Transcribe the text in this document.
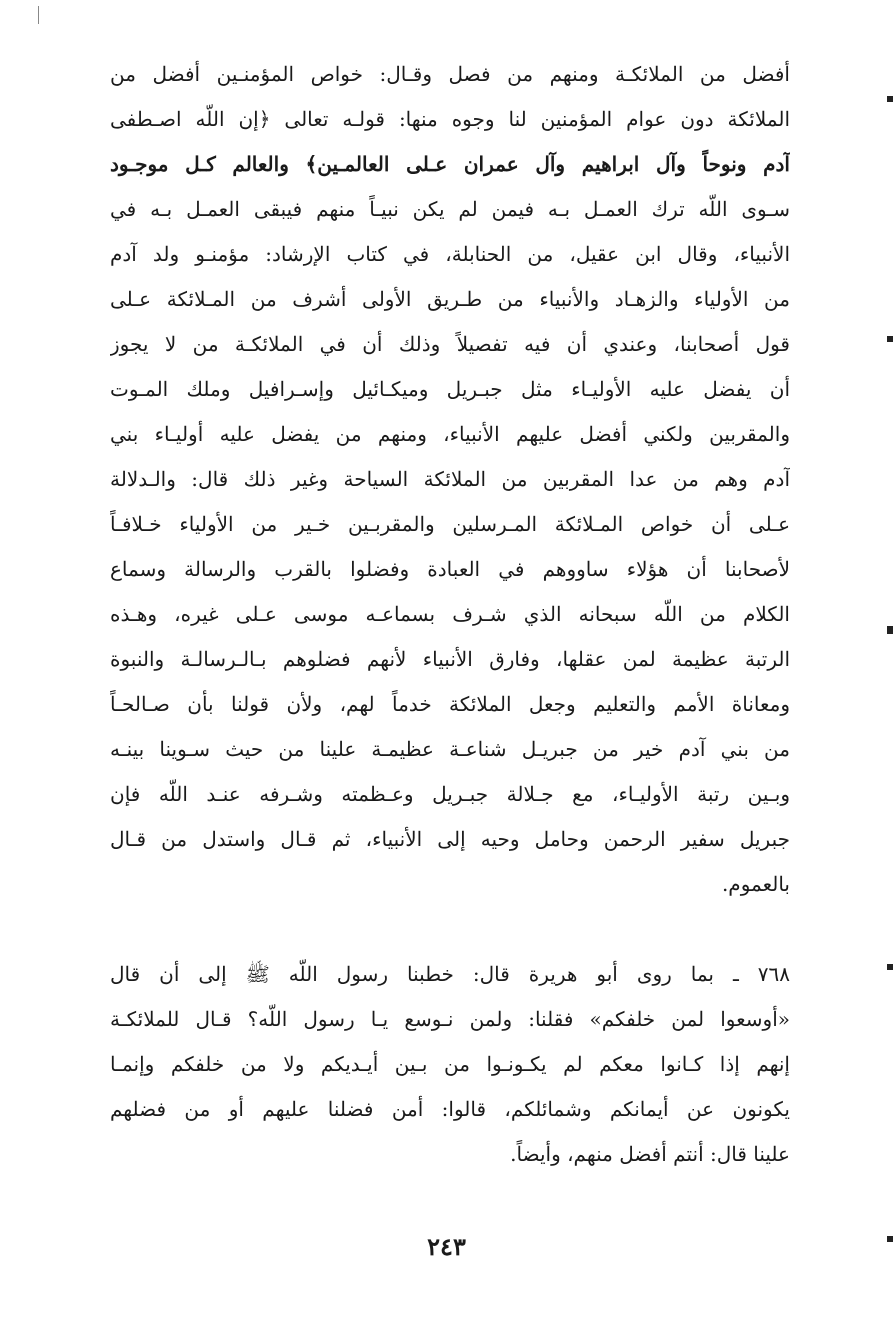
أفضل من الملائكـة ومنهم من فصل وقـال: خواص المؤمنـين أفضل من
الملائكة دون عوام المؤمنين لنا وجوه منها: قولـه تعالى ﴿إن اللّه اصـطفى
آدم ونوحاً وآل ابراهيم وآل عمران عـلى العالمـين﴾ والعالم كـل موجـود
سـوى اللّه ترك العمـل بـه فيمن لم يكن نبيـاً منهم فيبقى العمـل بـه في
الأنبياء، وقال ابن عقيل، من الحنابلة، في كتاب الإرشاد: مؤمنـو ولد آدم
من الأولياء والزهـاد والأنبياء من طـريق الأولى أشرف من المـلائكة عـلى
قول أصحابنا، وعندي أن فيه تفصيلاً وذلك أن في الملائكـة من لا يجوز
أن يفضل عليه الأوليـاء مثل جبـريل وميكـائيل وإسـرافيل وملك المـوت
والمقربين ولكني أفضل عليهم الأنبياء، ومنهم من يفضل عليه أوليـاء بني
آدم وهم من عدا المقربين من الملائكة السياحة وغير ذلك قال: والـدلالة
عـلى أن خواص المـلائكة المـرسلين والمقربـين خـير من الأولياء خـلافـاً
لأصحابنا أن هؤلاء ساووهم في العبادة وفضلوا بالقرب والرسالة وسماع
الكلام من اللّه سبحانه الذي شـرف بسماعـه موسى عـلى غيره، وهـذه
الرتبة عظيمة لمن عقلها، وفارق الأنبياء لأنهم فضلوهم بـالـرسالـة والنبوة
ومعاناة الأمم والتعليم وجعل الملائكة خدماً لهم، ولأن قولنا بأن صـالحـاً
من بني آدم خير من جبريـل شناعـة عظيمـة علينا من حيث سـوينا بينـه
وبـين رتبة الأوليـاء، مع جـلالة جبـريل وعـظمته وشـرفه عنـد اللّه فإن
جبريل سفير الرحمن وحامل وحيه إلى الأنبياء، ثم قـال واستدل من قـال
بالعموم.
٧٦٨ ـ بما روى أبو هريرة قال: خطبنا رسول اللّه ﷺ إلى أن قال
«أوسعوا لمن خلفكم» فقلنا: ولمن نـوسع يـا رسول اللّه؟ قـال للملائكـة
إنهم إذا كـانوا معكم لم يكـونـوا من بـين أيـديكم ولا من خلفكم وإنمـا
يكونون عن أيمانكم وشمائلكم، قالوا: أمن فضلنا عليهم أو من فضلهم
علينا قال: أنتم أفضل منهم، وأيضاً.
٢٤٣
